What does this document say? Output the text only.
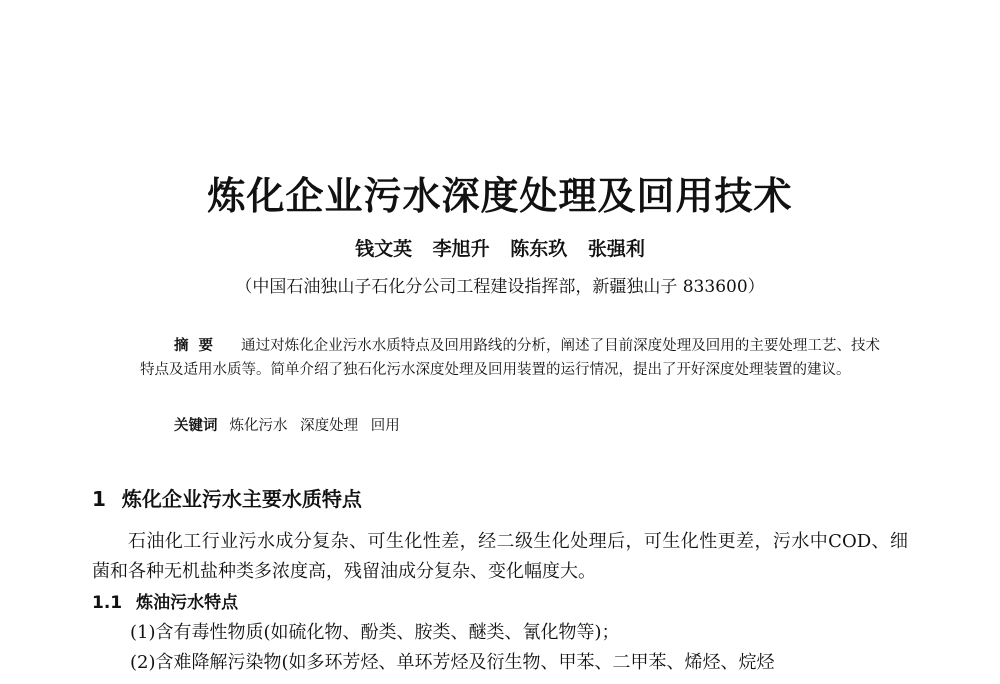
炼化企业污水深度处理及回用技术
钱文英 李旭升 陈东玖 张强利
（中国石油独山子石化分公司工程建设指挥部，新疆独山子 833600）
摘要 通过对炼化企业污水水质特点及回用路线的分析，阐述了目前深度处理及回用的主要处理工艺、技术特点及适用水质等。简单介绍了独石化污水深度处理及回用装置的运行情况，提出了开好深度处理装置的建议。
关键词 炼化污水 深度处理 回用
1 炼化企业污水主要水质特点
石油化工行业污水成分复杂、可生化性差，经二级生化处理后，可生化性更差，污水中COD、细菌和各种无机盐种类多浓度高，残留油成分复杂、变化幅度大。
1.1 炼油污水特点
(1)含有毒性物质(如硫化物、酚类、胺类、醚类、氰化物等)；
(2)含难降解污染物(如多环芳烃、单环芳烃及衍生物、甲苯、二甲苯、烯烃、烷烃
